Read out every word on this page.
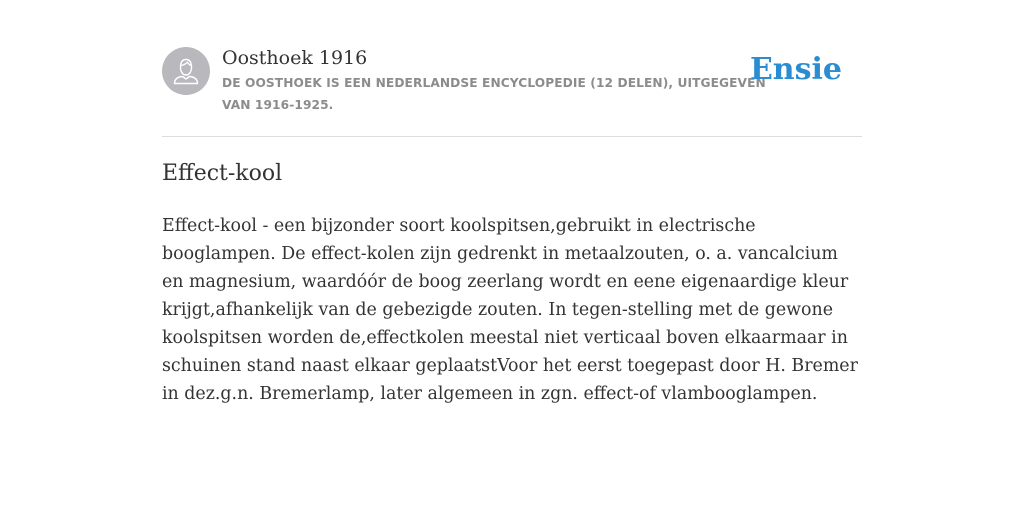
Oosthoek 1916
DE OOSTHOEK IS EEN NEDERLANDSE ENCYCLOPEDIE (12 DELEN), UITGEGEVEN VAN 1916-1925.
Ensie
Effect-kool

Effect-kool - een bijzonder soort koolspitsen,gebruikt in electrische booglampen. De effect-kolen zijn gedrenkt in metaalzouten, o. a. vancalcium en magnesium, waardóór de boog zeerlang wordt en eene eigenaardige kleur krijgt,afhankelijk van de gebezigde zouten. In tegen-stelling met de gewone koolspitsen worden de,effectkolen meestal niet verticaal boven elkaarmaar in schuinen stand naast elkaar geplaatstVoor het eerst toegepast door H. Bremer in dez.g.n. Bremerlamp, later algemeen in zgn. effect-of vlambooglampen.
